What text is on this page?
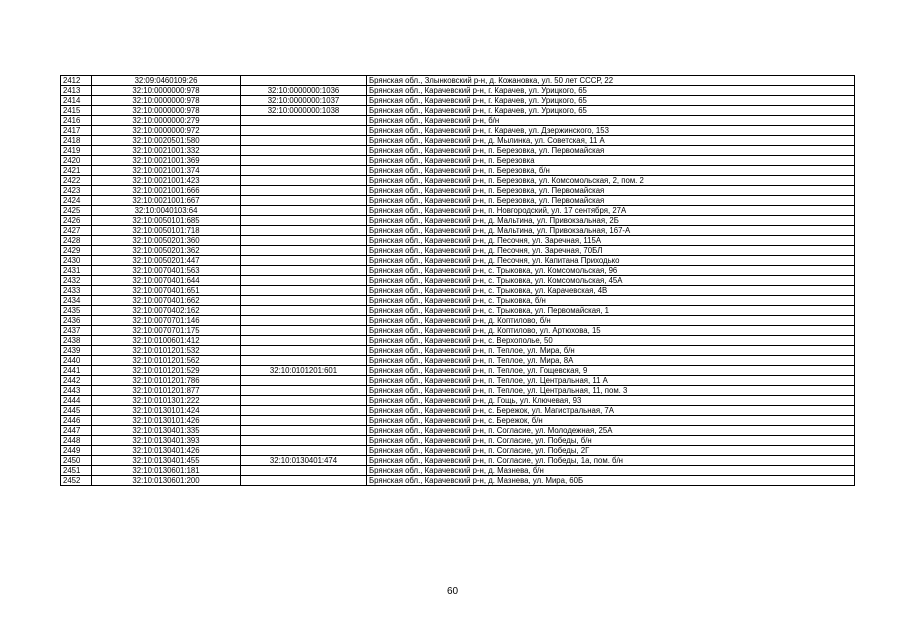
2412	32:09:0460109:26		Брянская обл., Злынковский р-н, д. Кожановка, ул. 50 лет СССР, 22
2413	32:10:0000000:978	32:10:0000000:1036	Брянская обл., Карачевский р-н, г. Карачев, ул. Урицкого, 65
2414	32:10:0000000:978	32:10:0000000:1037	Брянская обл., Карачевский р-н, г. Карачев, ул. Урицкого, 65
2415	32:10:0000000:978	32:10:0000000:1038	Брянская обл., Карачевский р-н, г. Карачев, ул. Урицкого, 65
2416	32:10:0000000:279		Брянская обл., Карачевский р-н, б/н
2417	32:10:0000000:972		Брянская обл., Карачевский р-н, г. Карачев, ул. Дзержинского, 153
2418	32:10:0020501:580		Брянская обл., Карачевский р-н, д. Мылинка, ул. Советская, 11 А
2419	32:10:0021001:332		Брянская обл., Карачевский р-н, п. Березовка, ул. Первомайская
2420	32:10:0021001:369		Брянская обл., Карачевский р-н, п. Березовка
2421	32:10:0021001:374		Брянская обл., Карачевский р-н, п. Березовка, б/н
2422	32:10:0021001:423		Брянская обл., Карачевский р-н, п. Березовка, ул. Комсомольская, 2, пом. 2
2423	32:10:0021001:666		Брянская обл., Карачевский р-н, п. Березовка, ул. Первомайская
2424	32:10:0021001:667		Брянская обл., Карачевский р-н, п. Березовка, ул. Первомайская
2425	32:10:0040103:64		Брянская обл., Карачевский р-н, п. Новгородский, ул. 17 сентября, 27А
2426	32:10:0050101:685		Брянская обл., Карачевский р-н, д. Мальтина, ул. Привокзальная, 2Б
2427	32:10:0050101:718		Брянская обл., Карачевский р-н, д. Мальтина, ул. Привокзальная, 167-А
2428	32:10:0050201:360		Брянская обл., Карачевский р-н, д. Песочня, ул. Заречная, 115А
2429	32:10:0050201:362		Брянская обл., Карачевский р-н, д. Песочня, ул. Заречная, 70БЛ
2430	32:10:0050201:447		Брянская обл., Карачевский р-н, д. Песочня, ул. Капитана Приходько
2431	32:10:0070401:563		Брянская обл., Карачевский р-н, с. Трыковка, ул. Комсомольская, 96
2432	32:10:0070401:644		Брянская обл., Карачевский р-н, с. Трыковка, ул. Комсомольская, 45А
2433	32:10:0070401:651		Брянская обл., Карачевский р-н, с. Трыковка, ул. Карачевская, 4В
2434	32:10:0070401:662		Брянская обл., Карачевский р-н, с. Трыковка, б/н
2435	32:10:0070402:162		Брянская обл., Карачевский р-н, с. Трыковка, ул. Первомайская, 1
2436	32:10:0070701:146		Брянская обл., Карачевский р-н, д. Коптилово, б/н
2437	32:10:0070701:175		Брянская обл., Карачевский р-н, д. Коптилово, ул. Артюхова, 15
2438	32:10:0100601:412		Брянская обл., Карачевский р-н, с. Верхополье, 50
2439	32:10:0101201:532		Брянская обл., Карачевский р-н, п. Теплое, ул. Мира, б/н
2440	32:10:0101201:562		Брянская обл., Карачевский р-н, п. Теплое, ул. Мира, 8А
2441	32:10:0101201:529	32:10:0101201:601	Брянская обл., Карачевский р-н, п. Теплое, ул. Гощевская, 9
2442	32:10:0101201:786		Брянская обл., Карачевский р-н, п. Теплое, ул. Центральная, 11 А
2443	32:10:0101201:877		Брянская обл., Карачевский р-н, п. Теплое, ул. Центральная, 11, пом. 3
2444	32:10:0101301:222		Брянская обл., Карачевский р-н, д. Гощь, ул. Ключевая, 93
2445	32:10:0130101:424		Брянская обл., Карачевский р-н, с. Бережок, ул. Магистральная, 7А
2446	32:10:0130101:426		Брянская обл., Карачевский р-н, с. Бережок, б/н
2447	32:10:0130401:335		Брянская обл., Карачевский р-н, п. Согласие, ул. Молодежная, 25А
2448	32:10:0130401:393		Брянская обл., Карачевский р-н, п. Согласие, ул. Победы, б/н
2449	32:10:0130401:426		Брянская обл., Карачевский р-н, п. Согласие, ул. Победы, 2Г
2450	32:10:0130401:455	32:10:0130401:474	Брянская обл., Карачевский р-н, п. Согласие, ул. Победы, 1а, пом. б/н
2451	32:10:0130601:181		Брянская обл., Карачевский р-н, д. Мазнева, б/н
2452	32:10:0130601:200		Брянская обл., Карачевский р-н, д. Мазнева, ул. Мира, 60Б
60
